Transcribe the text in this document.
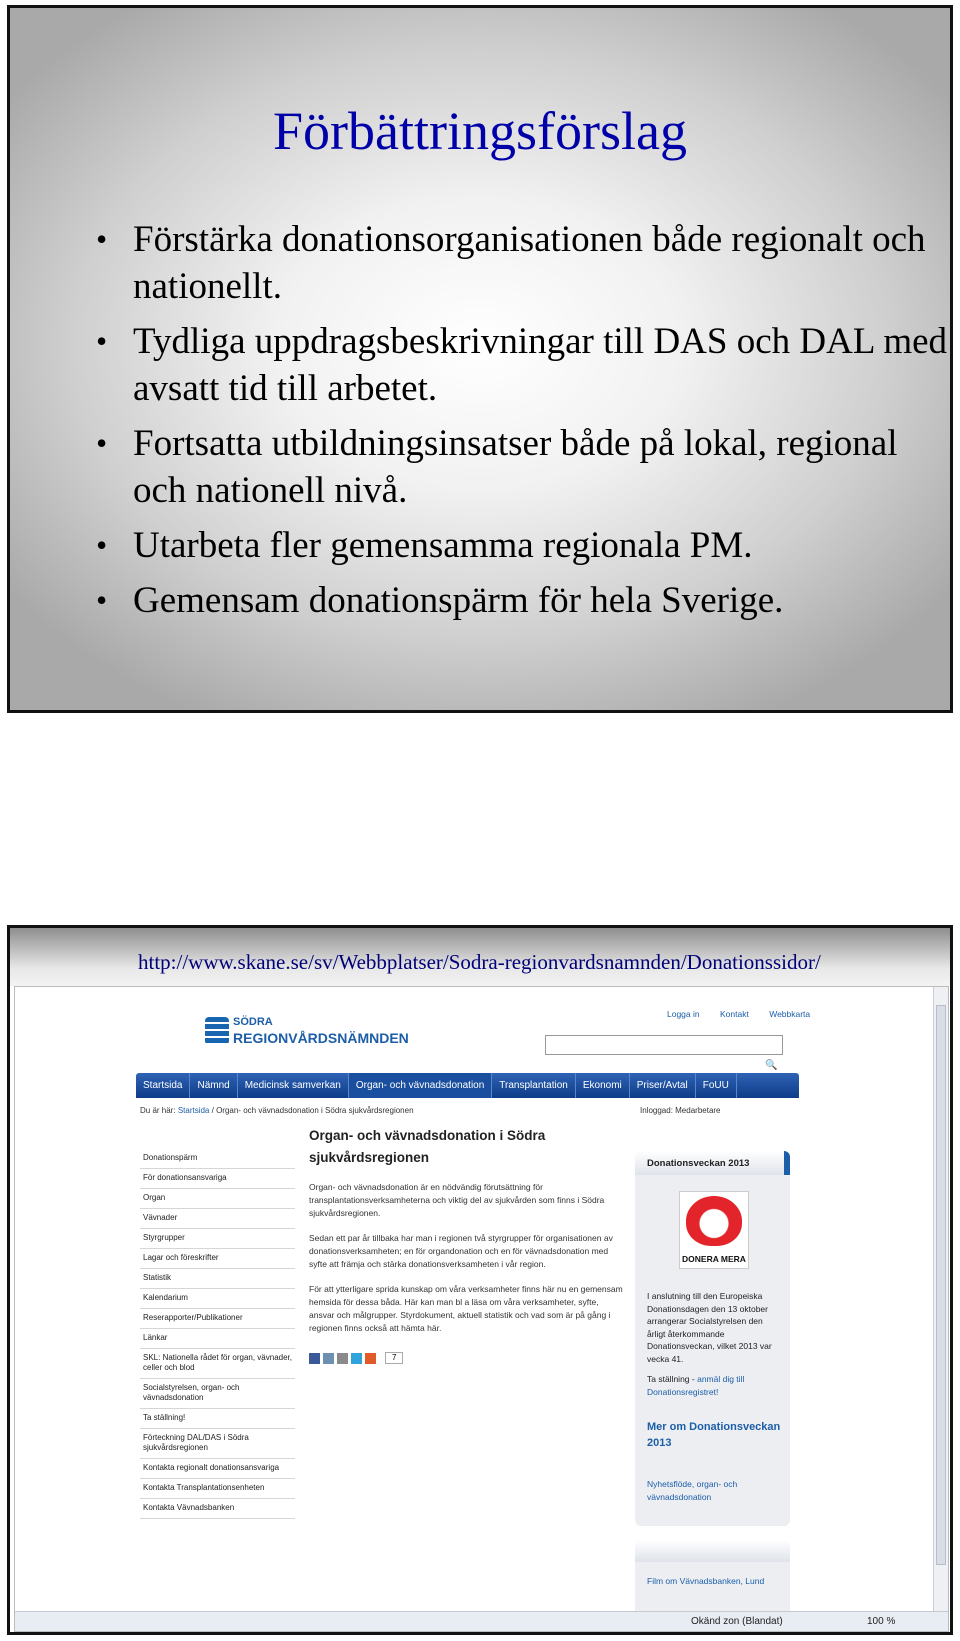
Förbättringsförslag
• Förstärka donationsorganisationen både regionalt och nationellt.
• Tydliga uppdragsbeskrivningar till DAS och DAL med avsatt tid till arbetet.
• Fortsatta utbildningsinsatser både på lokal, regional och nationell nivå.
• Utarbeta fler gemensamma regionala PM.
• Gemensam donationspärm för hela Sverige.
http://www.skane.se/sv/Webbplatser/Sodra-regionvardsnamnden/Donationssidor/
SÖDRA
REGIONVÅRDSNÄMNDEN
Logga in Kontakt Webbkarta
🔍
Startsida	Nämnd	Medicinsk samverkan	Organ- och vävnadsdonation	Transplantation	Ekonomi	Priser/Avtal	FoUU
Du är här: Startsida / Organ- och vävnadsdonation i Södra sjukvårdsregionen	Inloggad: Medarbetare
Donationspärm
För donationsansvariga
Organ
Vävnader
Styrgrupper
Lagar och föreskrifter
Statistik
Kalendarium
Reserapporter/Publikationer
Länkar
SKL: Nationella rådet för organ, vävnader, celler och blod
Socialstyrelsen, organ- och vävnadsdonation
Ta ställning!
Förteckning DAL/DAS i Södra sjukvårdsregionen
Kontakta regionalt donationsansvariga
Kontakta Transplantationsenheten
Kontakta Vävnadsbanken
Organ- och vävnadsdonation i Södra sjukvårdsregionen

Organ- och vävnadsdonation är en nödvändig förutsättning för transplantationsverksamheterna och viktig del av sjukvården som finns i Södra sjukvårdsregionen.

Sedan ett par år tillbaka har man i regionen två styrgrupper för organisationen av donationsverksamheten; en för organdonation och en för vävnadsdonation med syfte att främja och stärka donationsverksamheten i vår region.

För att ytterligare sprida kunskap om våra verksamheter finns här nu en gemensam hemsida för dessa båda. Här kan man bl a läsa om våra verksamheter, syfte, ansvar och målgrupper. Styrdokument, aktuell statistik och vad som är på gång i regionen finns också att hämta här.

7
Donationsveckan 2013
DONERA MERA
I anslutning till den Europeiska Donationsdagen den 13 oktober arrangerar Socialstyrelsen den årligt återkommande Donationsveckan, vilket 2013 var vecka 41.
Ta ställning - anmäl dig till Donationsregistret!
Mer om Donationsveckan 2013
Nyhetsflöde, organ- och vävnadsdonation
Film om Vävnadsbanken, Lund
Okänd zon (Blandat)	100 %
